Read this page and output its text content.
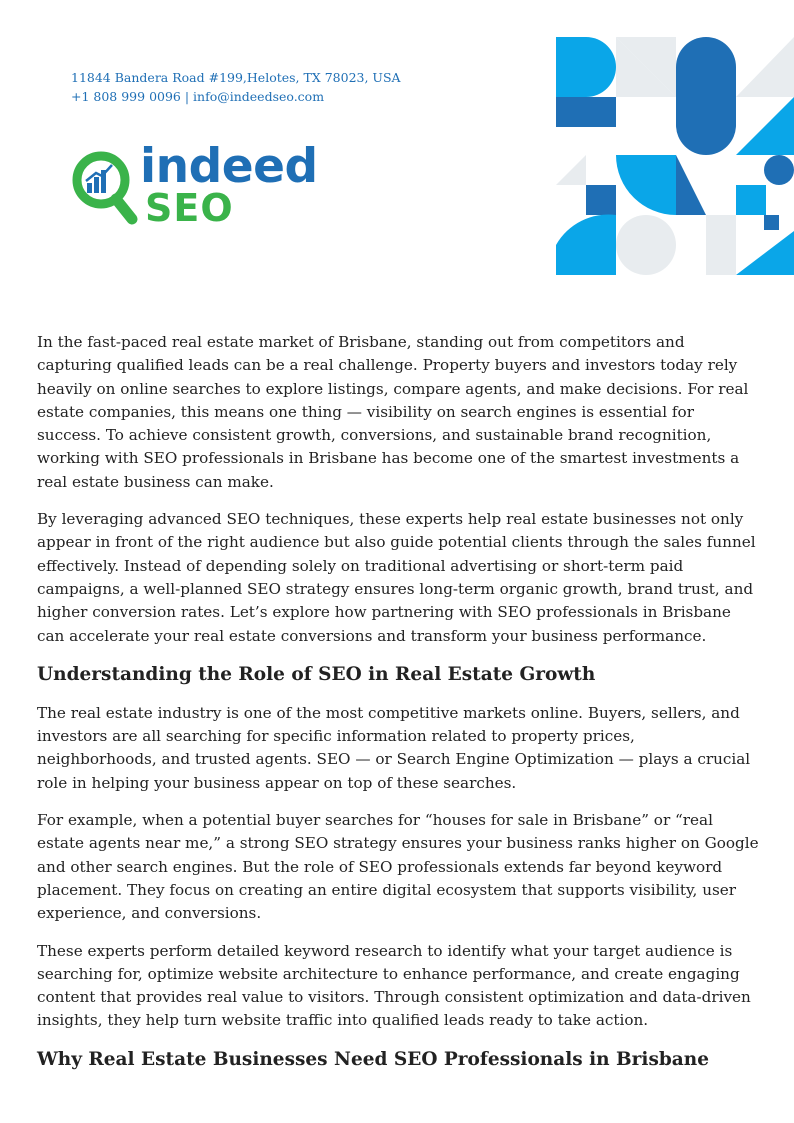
11844 Bandera Road #199,Helotes, TX 78023, USA
+1 808 999 0096 | info@indeedseo.com
indeed
SEO

In the fast-paced real estate market of Brisbane, standing out from competitors and capturing qualified leads can be a real challenge. Property buyers and investors today rely heavily on online searches to explore listings, compare agents, and make decisions. For real estate companies, this means one thing — visibility on search engines is essential for success. To achieve consistent growth, conversions, and sustainable brand recognition, working with SEO professionals in Brisbane has become one of the smartest investments a real estate business can make.

By leveraging advanced SEO techniques, these experts help real estate businesses not only appear in front of the right audience but also guide potential clients through the sales funnel effectively. Instead of depending solely on traditional advertising or short-term paid campaigns, a well-planned SEO strategy ensures long-term organic growth, brand trust, and higher conversion rates. Let’s explore how partnering with SEO professionals in Brisbane can accelerate your real estate conversions and transform your business performance.

Understanding the Role of SEO in Real Estate Growth

The real estate industry is one of the most competitive markets online. Buyers, sellers, and investors are all searching for specific information related to property prices, neighborhoods, and trusted agents. SEO — or Search Engine Optimization — plays a crucial role in helping your business appear on top of these searches.

For example, when a potential buyer searches for “houses for sale in Brisbane” or “real estate agents near me,” a strong SEO strategy ensures your business ranks higher on Google and other search engines. But the role of SEO professionals extends far beyond keyword placement. They focus on creating an entire digital ecosystem that supports visibility, user experience, and conversions.

These experts perform detailed keyword research to identify what your target audience is searching for, optimize website architecture to enhance performance, and create engaging content that provides real value to visitors. Through consistent optimization and data-driven insights, they help turn website traffic into qualified leads ready to take action.

Why Real Estate Businesses Need SEO Professionals in Brisbane
